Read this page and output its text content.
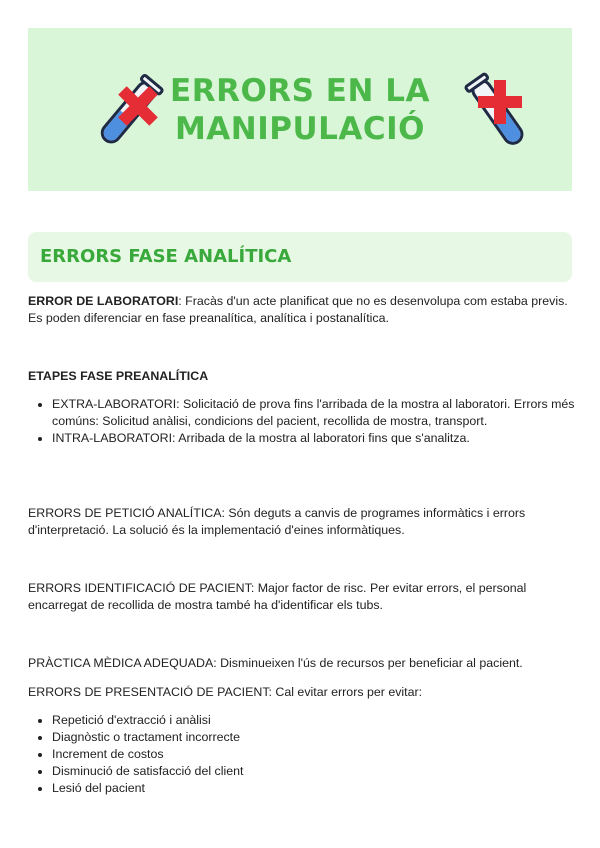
ERRORS EN LA
MANIPULACIÓ
ERRORS FASE ANALÍTICA

ERROR DE LABORATORI: Fracàs d'un acte planificat que no es desenvolupa com estaba previs. Es poden diferenciar en fase preanalítica, analítica i postanalítica.

ETAPES FASE PREANALÍTICA

• EXTRA-LABORATORI: Solicitació de prova fins l'arribada de la mostra al laboratori. Errors més comúns: Solicitud anàlisi, condicions del pacient, recollida de mostra, transport.
• INTRA-LABORATORI: Arribada de la mostra al laboratori fins que s'analitza.

ERRORS DE PETICIÓ ANALÍTICA: Són deguts a canvis de programes informàtics i errors d'interpretació. La solució és la implementació d'eines informàtiques.

ERRORS IDENTIFICACIÓ DE PACIENT: Major factor de risc. Per evitar errors, el personal encarregat de recollida de mostra també ha d'identificar els tubs.

PRÀCTICA MÈDICA ADEQUADA: Disminueixen l'ús de recursos per beneficiar al pacient.

ERRORS DE PRESENTACIÓ DE PACIENT: Cal evitar errors per evitar:

• Repetició d'extracció i anàlisi
• Diagnòstic o tractament incorrecte
• Increment de costos
• Disminució de satisfacció del client
• Lesió del pacient
